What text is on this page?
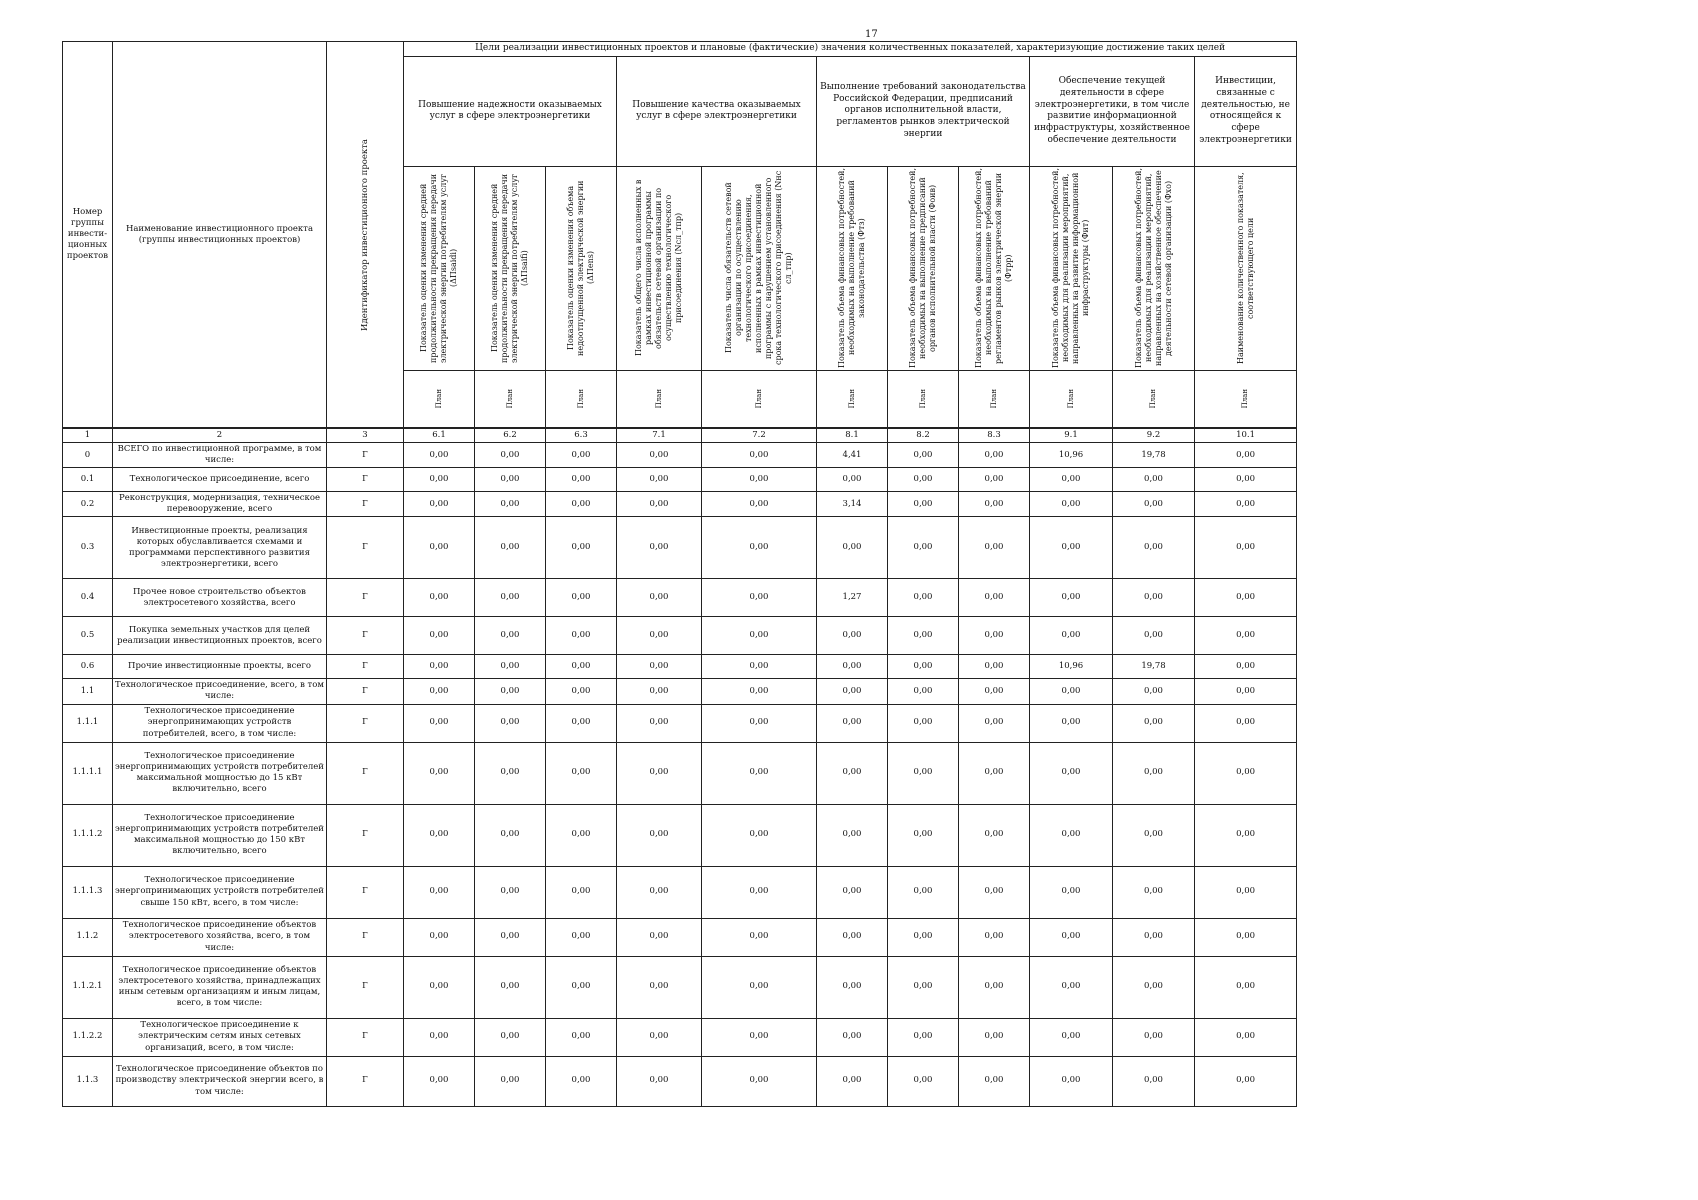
17
Номер группы инвести-ционных проектов	Наименование инвестиционного проекта (группы инвестиционных проектов)	Идентификатор инвестиционного проекта	Цели реализации инвестиционных проектов и плановые (фактические) значения количественных показателей, характеризующие достижение таких целей										
			Повышение надежности оказываемых услуг в сфере электроэнергетики			Повышение качества оказываемых услуг в сфере электроэнергетики		Выполнение требований законодательства Российской Федерации, предписаний органов исполнительной власти, регламентов рынков электрической энергии			Обеспечение текущей деятельности в сфере электроэнергетики, в том числе развитие информационной инфраструктуры, хозяйственное обеспечение деятельности		Инвестиции, связанные с деятельностью, не относящейся к сфере электроэнергетики

			Показатель оценки изменения средней продолжительности прекращения передачи электрической энергии потребителям услуг (ΔПsaidi)	Показатель оценки изменения средней продолжительности прекращения передачи электрической энергии потребителям услуг (ΔПsaifi)	Показатель оценки изменения объема недоотпущенной электрической энергии (ΔПens)	Показатель общего числа исполненных в рамках инвестиционной программы обязательств сетевой организации по осуществлению технологического присоединения (Nсл_тпр)	Показатель числа обязательств сетевой организации по осуществлению технологического присоединения, исполненных в рамках инвестиционной программы с нарушением установленного срока технологического присоединения (Nнс сл_тпр)	Показатель объема финансовых потребностей, необходимых на выполнение требований законодательства (Фтз)	Показатель объема финансовых потребностей, необходимых на выполнение предписаний органов исполнительной власти (Фоив)	Показатель объема финансовых потребностей, необходимых на выполнение требований регламентов рынков электрической энергии (Фтрр)	Показатель объема финансовых потребностей, необходимых для реализации мероприятий, направленных на развитие информационной инфраструктуры (Фит)	Показатель объема финансовых потребностей, необходимых для реализации мероприятий, направленных на хозяйственное обеспечение деятельности сетевой организации (Фхо)	Наименование количественного показателя, соответствующего цели

			План	План	План	План	План	План	План	План	План	План	План

1	2	3	6.1	6.2	6.3	7.1	7.2	8.1	8.2	8.3	9.1	9.2	10.1
0	ВСЕГО по инвестиционной программе, в том числе:	Г	0,00	0,00	0,00	0,00	0,00	4,41	0,00	0,00	10,96	19,78	0,00
0.1	Технологическое присоединение, всего	Г	0,00	0,00	0,00	0,00	0,00	0,00	0,00	0,00	0,00	0,00	0,00
0.2	Реконструкция, модернизация, техническое перевооружение, всего	Г	0,00	0,00	0,00	0,00	0,00	3,14	0,00	0,00	0,00	0,00	0,00
0.3	Инвестиционные проекты, реализация которых обуславливается схемами и программами перспективного развития электроэнергетики, всего	Г	0,00	0,00	0,00	0,00	0,00	0,00	0,00	0,00	0,00	0,00	0,00
0.4	Прочее новое строительство объектов электросетевого хозяйства, всего	Г	0,00	0,00	0,00	0,00	0,00	1,27	0,00	0,00	0,00	0,00	0,00
0.5	Покупка земельных участков для целей реализации инвестиционных проектов, всего	Г	0,00	0,00	0,00	0,00	0,00	0,00	0,00	0,00	0,00	0,00	0,00
0.6	Прочие инвестиционные проекты, всего	Г	0,00	0,00	0,00	0,00	0,00	0,00	0,00	0,00	10,96	19,78	0,00
1.1	Технологическое присоединение, всего, в том числе:	Г	0,00	0,00	0,00	0,00	0,00	0,00	0,00	0,00	0,00	0,00	0,00
1.1.1	Технологическое присоединение энергопринимающих устройств потребителей, всего, в том числе:	Г	0,00	0,00	0,00	0,00	0,00	0,00	0,00	0,00	0,00	0,00	0,00
1.1.1.1	Технологическое присоединение энергопринимающих устройств потребителей максимальной мощностью до 15 кВт включительно, всего	Г	0,00	0,00	0,00	0,00	0,00	0,00	0,00	0,00	0,00	0,00	0,00
1.1.1.2	Технологическое присоединение энергопринимающих устройств потребителей максимальной мощностью до 150 кВт включительно, всего	Г	0,00	0,00	0,00	0,00	0,00	0,00	0,00	0,00	0,00	0,00	0,00
1.1.1.3	Технологическое присоединение энергопринимающих устройств потребителей свыше 150 кВт, всего, в том числе:	Г	0,00	0,00	0,00	0,00	0,00	0,00	0,00	0,00	0,00	0,00	0,00
1.1.2	Технологическое присоединение объектов электросетевого хозяйства, всего, в том числе:	Г	0,00	0,00	0,00	0,00	0,00	0,00	0,00	0,00	0,00	0,00	0,00
1.1.2.1	Технологическое присоединение объектов электросетевого хозяйства, принадлежащих иным сетевым организациям и иным лицам, всего, в том числе:	Г	0,00	0,00	0,00	0,00	0,00	0,00	0,00	0,00	0,00	0,00	0,00
1.1.2.2	Технологическое присоединение к электрическим сетям иных сетевых организаций, всего, в том числе:	Г	0,00	0,00	0,00	0,00	0,00	0,00	0,00	0,00	0,00	0,00	0,00
1.1.3	Технологическое присоединение объектов по производству электрической энергии всего, в том числе:	Г	0,00	0,00	0,00	0,00	0,00	0,00	0,00	0,00	0,00	0,00	0,00
